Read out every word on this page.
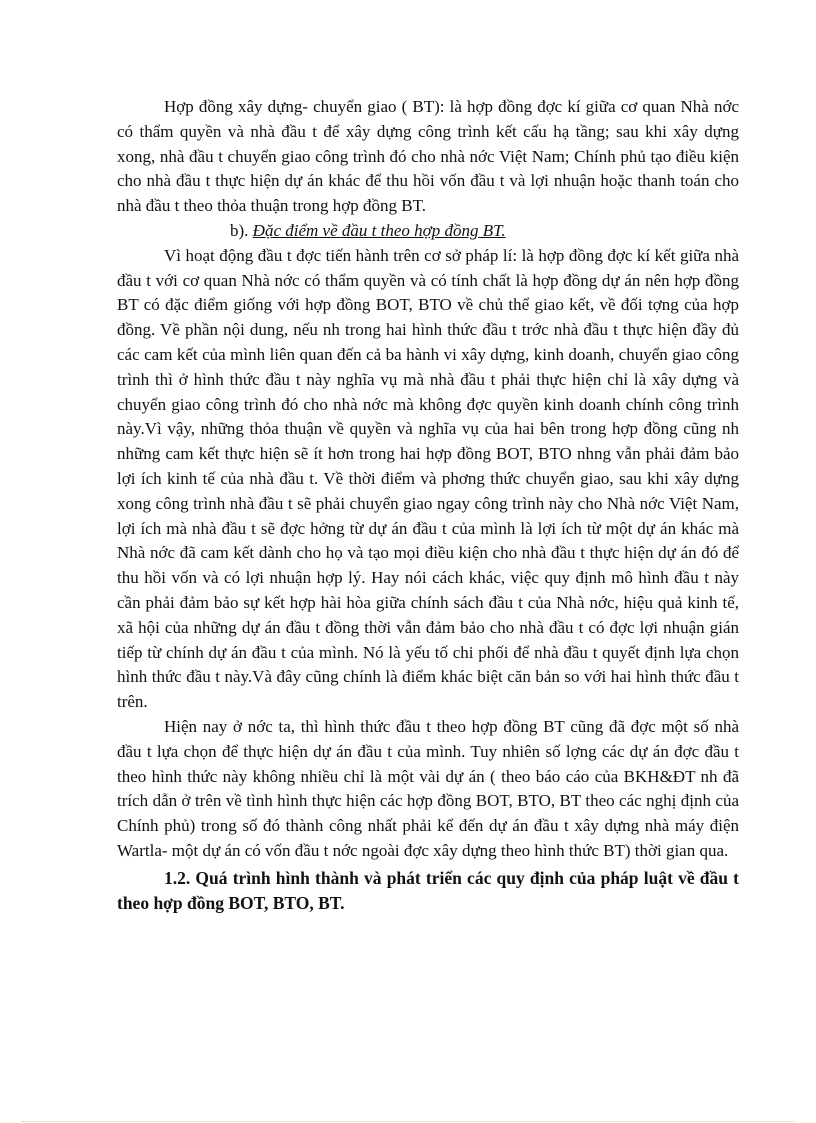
Hợp đồng xây dựng- chuyển giao ( BT): là hợp đồng đợc kí giữa cơ quan Nhà nớc có thẩm quyền và nhà đầu t để xây dựng công trình kết cấu hạ tầng; sau khi xây dựng xong, nhà đầu t chuyển giao công trình đó cho nhà nớc Việt Nam; Chính phủ tạo điều kiện cho nhà đầu t thực hiện dự án khác để thu hồi vốn đầu t và lợi nhuận hoặc thanh toán cho nhà đầu t theo thỏa thuận trong hợp đồng BT.

b). Đặc điểm về đầu t theo hợp đồng BT.

Vì hoạt động đầu t đợc tiến hành trên cơ sở pháp lí: là hợp đồng đợc kí kết giữa nhà đầu t với cơ quan Nhà nớc có thẩm quyền và có tính chất là hợp đồng dự án nên hợp đồng BT có đặc điểm giống với hợp đồng BOT, BTO về chủ thể giao kết, về đối tợng của hợp đồng. Về phần nội dung, nếu nh trong hai hình thức đầu t trớc nhà đầu t thực hiện đầy đủ các cam kết của mình liên quan đến cả ba hành vi xây dựng, kinh doanh, chuyển giao công trình thì ở hình thức đầu t này nghĩa vụ mà nhà đầu t phải thực hiện chỉ là xây dựng và chuyển giao công trình đó cho nhà nớc mà không đợc quyền kinh doanh chính công trình này.Vì vậy, những thỏa thuận về quyền và nghĩa vụ của hai bên trong hợp đồng cũng nh những cam kết thực hiện sẽ ít hơn trong hai hợp đồng BOT, BTO nhng vẫn phải đảm bảo lợi ích kinh tế của nhà đầu t. Về thời điểm và phơng thức chuyển giao, sau khi xây dựng xong công trình nhà đầu t sẽ phải chuyển giao ngay công trình này cho Nhà nớc Việt Nam, lợi ích mà nhà đầu t sẽ đợc hởng từ dự án đầu t của mình là lợi ích từ một dự án khác mà Nhà nớc đã cam kết dành cho họ và tạo mọi điều kiện cho nhà đầu t thực hiện dự án đó để thu hồi vốn và có lợi nhuận hợp lý. Hay nói cách khác, việc quy định mô hình đầu t này cần phải đảm bảo sự kết hợp hài hòa giữa chính sách đầu t của Nhà nớc, hiệu quả kinh tế, xã hội của những dự án đầu t đồng thời vẫn đảm bảo cho nhà đầu t có đợc lợi nhuận gián tiếp từ chính dự án đầu t của mình. Nó là yếu tố chi phối để nhà đầu t quyết định lựa chọn hình thức đầu t này.Và đây cũng chính là điểm khác biệt căn bản so với hai hình thức đầu t trên.

Hiện nay ở nớc ta, thì hình thức đầu t theo hợp đồng BT cũng đã đợc một số nhà đầu t lựa chọn để thực hiện dự án đầu t của mình. Tuy nhiên số lợng các dự án đợc đầu t theo hình thức này không nhiều chỉ là một vài dự án ( theo báo cáo của BKH&ĐT nh đã trích dẫn ở trên về tình hình thực hiện các hợp đồng BOT, BTO, BT theo các nghị định của Chính phủ) trong số đó thành công nhất phải kể đến dự án đầu t xây dựng nhà máy điện Wartla- một dự án có vốn đầu t nớc ngoài đợc xây dựng theo hình thức BT) thời gian qua.

1.2. Quá trình hình thành và phát triển các quy định của pháp luật về đầu t theo hợp đồng BOT, BTO, BT.
